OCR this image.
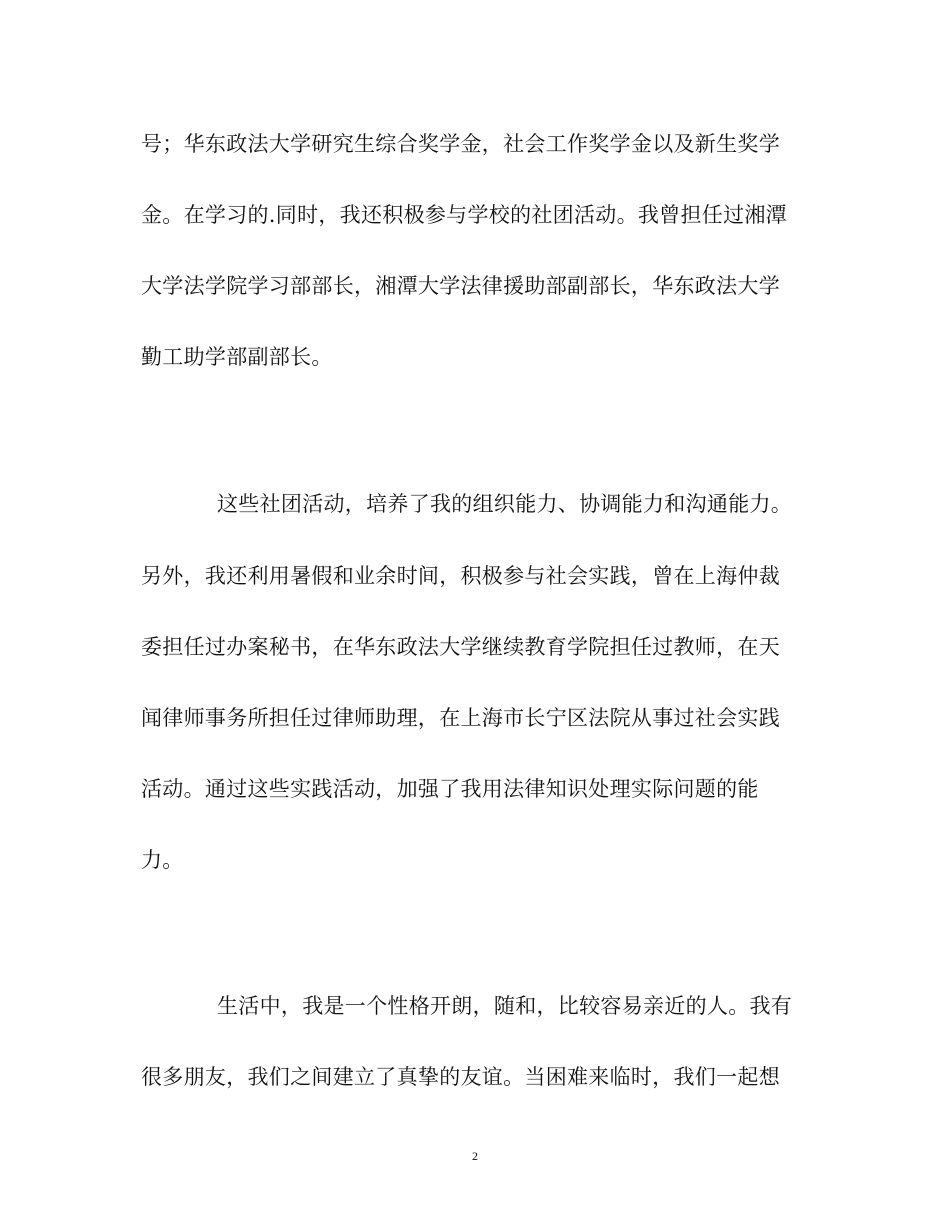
号；华东政法大学研究生综合奖学金，社会工作奖学金以及新生奖学
金。在学习的.同时，我还积极参与学校的社团活动。我曾担任过湘潭
大学法学院学习部部长，湘潭大学法律援助部副部长，华东政法大学
勤工助学部副部长。
这些社团活动，培养了我的组织能力、协调能力和沟通能力。
另外，我还利用暑假和业余时间，积极参与社会实践，曾在上海仲裁
委担任过办案秘书，在华东政法大学继续教育学院担任过教师，在天
闻律师事务所担任过律师助理，在上海市长宁区法院从事过社会实践
活动。通过这些实践活动，加强了我用法律知识处理实际问题的能
力。
生活中，我是一个性格开朗，随和，比较容易亲近的人。我有
很多朋友，我们之间建立了真挚的友谊。当困难来临时，我们一起想
2
